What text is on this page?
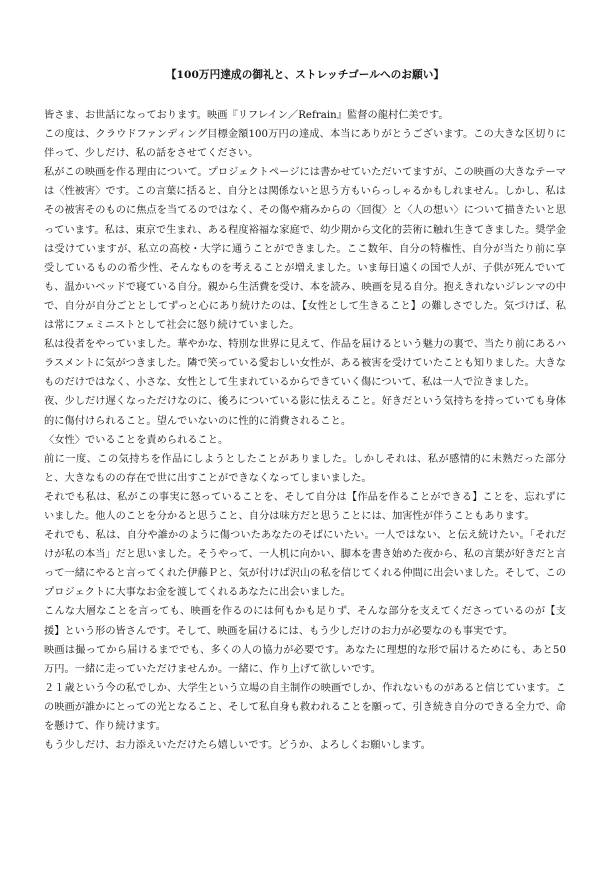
【100万円達成の御礼と、ストレッチゴールへのお願い】

皆さま、お世話になっております。映画『リフレイン／Refrain』監督の龍村仁美です。

この度は、クラウドファンディング目標金額100万円の達成、本当にありがとうございます。この大きな区切りに伴って、少しだけ、私の話をさせてください。

私がこの映画を作る理由について。プロジェクトページには書かせていただいてますが、この映画の大きなテーマは〈性被害〉です。この言葉に括ると、自分とは関係ないと思う方もいらっしゃるかもしれません。しかし、私はその被害そのものに焦点を当てるのではなく、その傷や痛みからの〈回復〉と〈人の想い〉について描きたいと思っています。私は、東京で生まれ、ある程度裕福な家庭で、幼少期から文化的芸術に触れ生きてきました。奨学金は受けていますが、私立の高校・大学に通うことができました。ここ数年、自分の特権性、自分が当たり前に享受しているものの希少性、そんなものを考えることが増えました。いま毎日遠くの国で人が、子供が死んでいても、温かいベッドで寝ている自分。親から生活費を受け、本を読み、映画を見る自分。抱えきれないジレンマの中で、自分が自分ごととしてずっと心にあり続けたのは、【女性として生きること】の難しさでした。気づけば、私は常にフェミニストとして社会に怒り続けていました。

私は役者をやっていました。華やかな、特別な世界に見えて、作品を届けるという魅力の裏で、当たり前にあるハラスメントに気がつきました。隣で笑っている愛おしい女性が、ある被害を受けていたことも知りました。大きなものだけではなく、小さな、女性として生まれているからできていく傷について、私は一人で泣きました。

夜、少しだけ遅くなっただけなのに、後ろについている影に怯えること。好きだという気持ちを持っていても身体的に傷付けられること。望んでいないのに性的に消費されること。

〈女性〉でいることを責められること。

前に一度、この気持ちを作品にしようとしたことがありました。しかしそれは、私が感情的に未熟だった部分と、大きなものの存在で世に出すことができなくなってしまいました。

それでも私は、私がこの事実に怒っていることを、そして自分は【作品を作ることができる】ことを、忘れずにいました。他人のことを分かると思うこと、自分は味方だと思うことには、加害性が伴うこともあります。

それでも、私は、自分や誰かのように傷ついたあなたのそばにいたい。一人ではない、と伝え続けたい。「それだけが私の本当」だと思いました。そうやって、一人机に向かい、脚本を書き始めた夜から、私の言葉が好きだと言って一緒にやると言ってくれた伊藤Ｐと、気が付けば沢山の私を信じてくれる仲間に出会いました。そして、このプロジェクトに大事なお金を渡してくれるあなたに出会いました。

こんな大層なことを言っても、映画を作るのには何もかも足りず、そんな部分を支えてくださっているのが【支援】という形の皆さんです。そして、映画を届けるには、もう少しだけのお力が必要なのも事実です。

映画は撮ってから届けるまででも、多くの人の協力が必要です。あなたに理想的な形で届けるためにも、あと50万円。一緒に走っていただけませんか。一緒に、作り上げて欲しいです。

２１歳という今の私でしか、大学生という立場の自主制作の映画でしか、作れないものがあると信じています。この映画が誰かにとっての光となること、そして私自身も救われることを願って、引き続き自分のできる全力で、命を懸けて、作り続けます。

もう少しだけ、お力添えいただけたら嬉しいです。どうか、よろしくお願いします。
